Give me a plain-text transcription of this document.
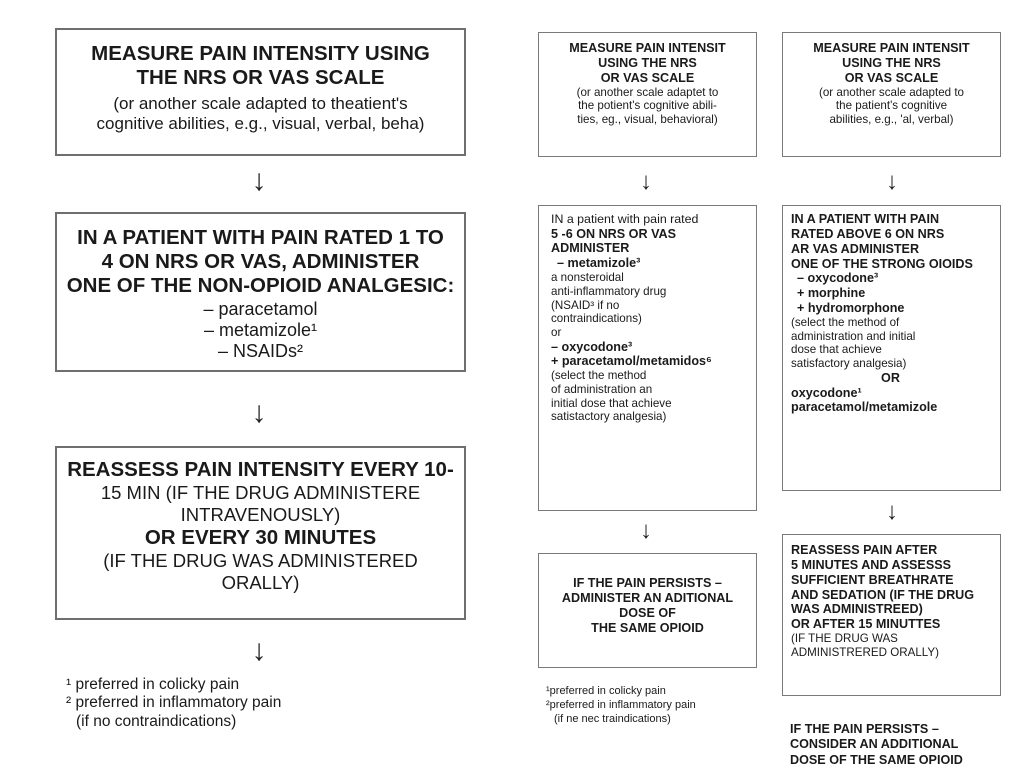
MEASURE PAIN INTENSITY USING
THE NRS OR VAS SCALE
(or another scale adapted to theatient's
cognitive abilities, e.g., visual, verbal, beha)
↓
IN A PATIENT WITH PAIN RATED 1 TO
4 ON NRS OR VAS, ADMINISTER
ONE OF THE NON-OPIOID ANALGESIC:
– paracetamol
– metamizole¹
– NSAIDs²
↓
REASSESS PAIN INTENSITY EVERY 10-
15 MIN (IF THE DRUG ADMINISTERE
INTRAVENOUSLY)
OR EVERY 30 MINUTES
(IF THE DRUG WAS ADMINISTERED
ORALLY)
↓
¹ preferred in colicky pain
² preferred in inflammatory pain
(if no contraindications)
MEASURE PAIN INTENSIT
USING THE NRS
OR VAS SCALE
(or another scale adaptet to
the potient's cognitive abili-
ties, eg., visual, behavioral)
↓
IN a patient with pain rated
5 -6 ON NRS OR VAS
ADMINISTER
– metamizole³
a nonsteroidal
anti-inflammatory drug
(NSAID³ if no
contraindications)
or
– oxycodone³
+ paracetamol/metamidos⁶
(select the method
of administration an
initial dose that achieve
satistactory analgesia)
↓
IF THE PAIN PERSISTS –
ADMINISTER AN ADITIONAL
DOSE OF
THE SAME OPIOID
¹preferred in colicky pain
²preferred in inflammatory pain
(if ne nec traindications)
MEASURE PAIN INTENSIT
USING THE NRS
OR VAS SCALE
(or another scale adapted to
the patient's cognitive
abilities, e.g., 'al, verbal)
↓
IN A PATIENT WITH PAIN
RATED ABOVE 6 ON NRS
AR VAS ADMINISTER
ONE OF THE STRONG OIOIDS
– oxycodone³
+ morphine
+ hydromorphone
(select the method of
administration and initial
dose that achieve
satisfactory analgesia)
OR
oxycodone¹
paracetamol/metamizole
↓
REASSESS PAIN AFTER
5 MINUTES AND ASSESSS
SUFFICIENT BREATHRATE
AND SEDATION (IF THE DRUG
WAS ADMINISTREED)
OR AFTER 15 MINUTTES
(IF THE DRUG WAS
ADMINISTRERED ORALLY)
IF THE PAIN PERSISTS –
CONSIDER AN ADDITIONAL
DOSE OF THE SAME OPIOID
